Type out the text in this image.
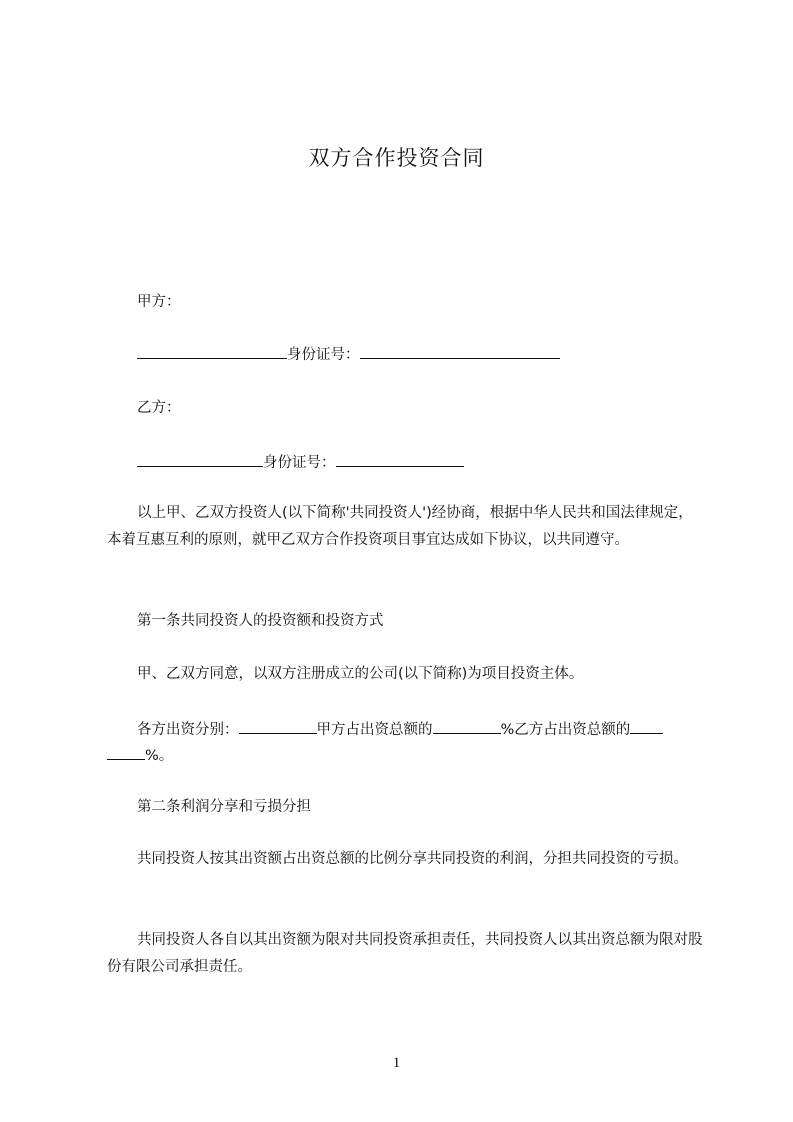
双方合作投资合同
甲方：
身份证号：
乙方：
身份证号：

以上甲、乙双方投资人(以下简称'共同投资人')经协商，根据中华人民共和国法律规定，本着互惠互利的原则，就甲乙双方合作投资项目事宜达成如下协议，以共同遵守。

第一条共同投资人的投资额和投资方式
甲、乙双方同意，以双方注册成立的公司(以下简称)为项目投资主体。
各方出资分别：	甲方占出资总额的	%乙方占出资总额的
%。
第二条利润分享和亏损分担

共同投资人按其出资额占出资总额的比例分享共同投资的利润，分担共同投资的亏损。

共同投资人各自以其出资额为限对共同投资承担责任，共同投资人以其出资总额为限对股份有限公司承担责任。

1
